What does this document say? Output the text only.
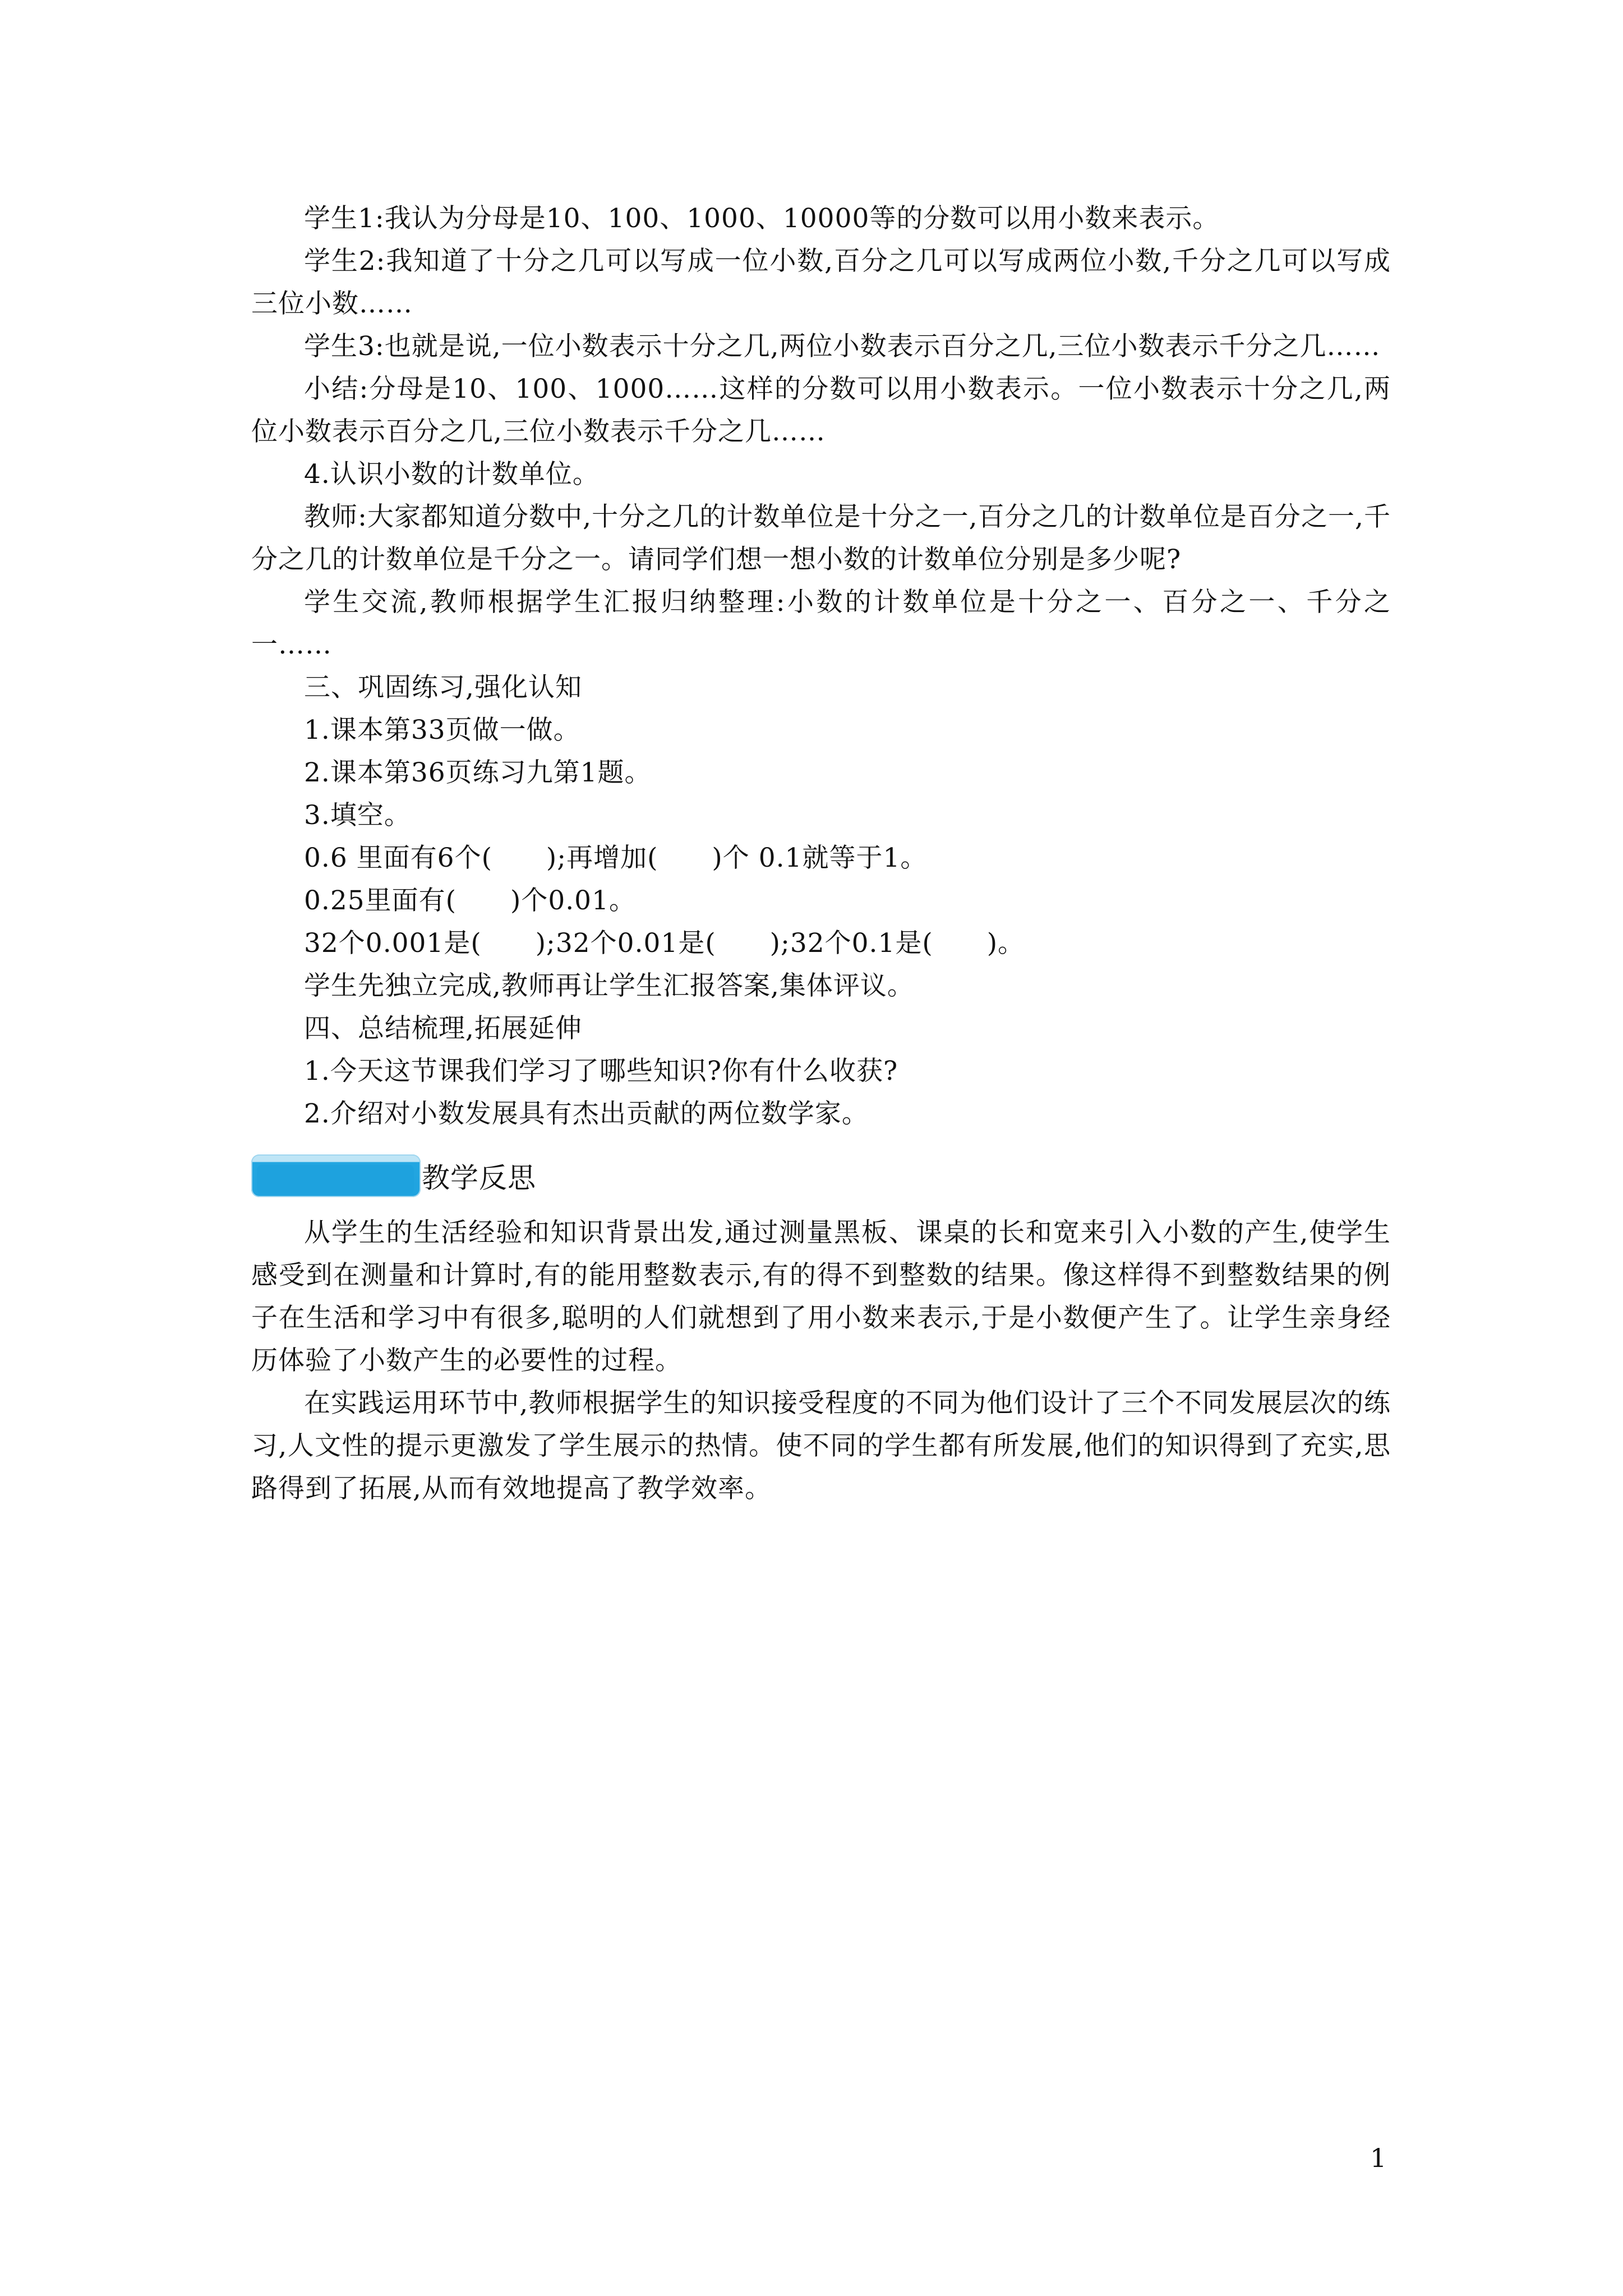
学生1:我认为分母是10、100、1000、10000等的分数可以用小数来表示。

学生2:我知道了十分之几可以写成一位小数,百分之几可以写成两位小数,千分之几可以写成三位小数……

学生3:也就是说,一位小数表示十分之几,两位小数表示百分之几,三位小数表示千分之几……

小结:分母是10、100、1000……这样的分数可以用小数表示。一位小数表示十分之几,两位小数表示百分之几,三位小数表示千分之几……

4.认识小数的计数单位。

教师:大家都知道分数中,十分之几的计数单位是十分之一,百分之几的计数单位是百分之一,千分之几的计数单位是千分之一。请同学们想一想小数的计数单位分别是多少呢?

学生交流,教师根据学生汇报归纳整理:小数的计数单位是十分之一、百分之一、千分之一……

三、巩固练习,强化认知

1.课本第33页做一做。

2.课本第36页练习九第1题。

3.填空。

0.6 里面有6个(　　);再增加(　　)个 0.1就等于1。

0.25里面有(　　)个0.01。

32个0.001是(　　);32个0.01是(　　);32个0.1是(　　)。

学生先独立完成,教师再让学生汇报答案,集体评议。

四、总结梳理,拓展延伸

1.今天这节课我们学习了哪些知识?你有什么收获?

2.介绍对小数发展具有杰出贡献的两位数学家。

教学反思

从学生的生活经验和知识背景出发,通过测量黑板、课桌的长和宽来引入小数的产生,使学生感受到在测量和计算时,有的能用整数表示,有的得不到整数的结果。像这样得不到整数结果的例子在生活和学习中有很多,聪明的人们就想到了用小数来表示,于是小数便产生了。让学生亲身经历体验了小数产生的必要性的过程。

在实践运用环节中,教师根据学生的知识接受程度的不同为他们设计了三个不同发展层次的练习,人文性的提示更激发了学生展示的热情。使不同的学生都有所发展,他们的知识得到了充实,思路得到了拓展,从而有效地提高了教学效率。

1
